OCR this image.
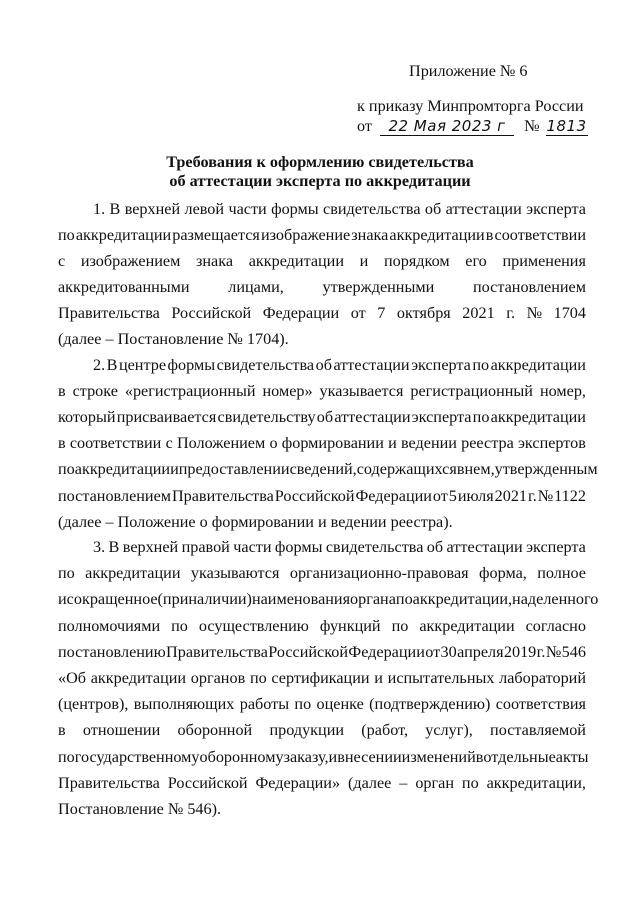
Приложение № 6
к приказу Минпромторга России
от 22 Мая 2023 г № 1813
Требования к оформлению свидетельства
об аттестации эксперта по аккредитации
1. В верхней левой части формы свидетельства об аттестации эксперта
по аккредитации размещается изображение знака аккредитации в соответствии
с изображением знака аккредитации и порядком его применения
аккредитованными лицами, утвержденными постановлением
Правительства Российской Федерации от 7 октября 2021 г. № 1704
(далее – Постановление № 1704).
2. В центре формы свидетельства об аттестации эксперта по аккредитации
в строке «регистрационный номер» указывается регистрационный номер,
который присваивается свидетельству об аттестации эксперта по аккредитации
в соответствии с Положением о формировании и ведении реестра экспертов
по аккредитации и предоставлении сведений, содержащихся в нем, утвержденным
постановлением Правительства Российской Федерации от 5 июля 2021 г. № 1122
(далее – Положение о формировании и ведении реестра).
3. В верхней правой части формы свидетельства об аттестации эксперта
по аккредитации указываются организационно-правовая форма, полное
и сокращенное (при наличии) наименования органа по аккредитации, наделенного
полномочиями по осуществлению функций по аккредитации согласно
постановлению Правительства Российской Федерации от 30 апреля 2019 г. № 546
«Об аккредитации органов по сертификации и испытательных лабораторий
(центров), выполняющих работы по оценке (подтверждению) соответствия
в отношении оборонной продукции (работ, услуг), поставляемой
по государственному оборонному заказу, и внесении изменений в отдельные акты
Правительства Российской Федерации» (далее – орган по аккредитации,
Постановление № 546).
